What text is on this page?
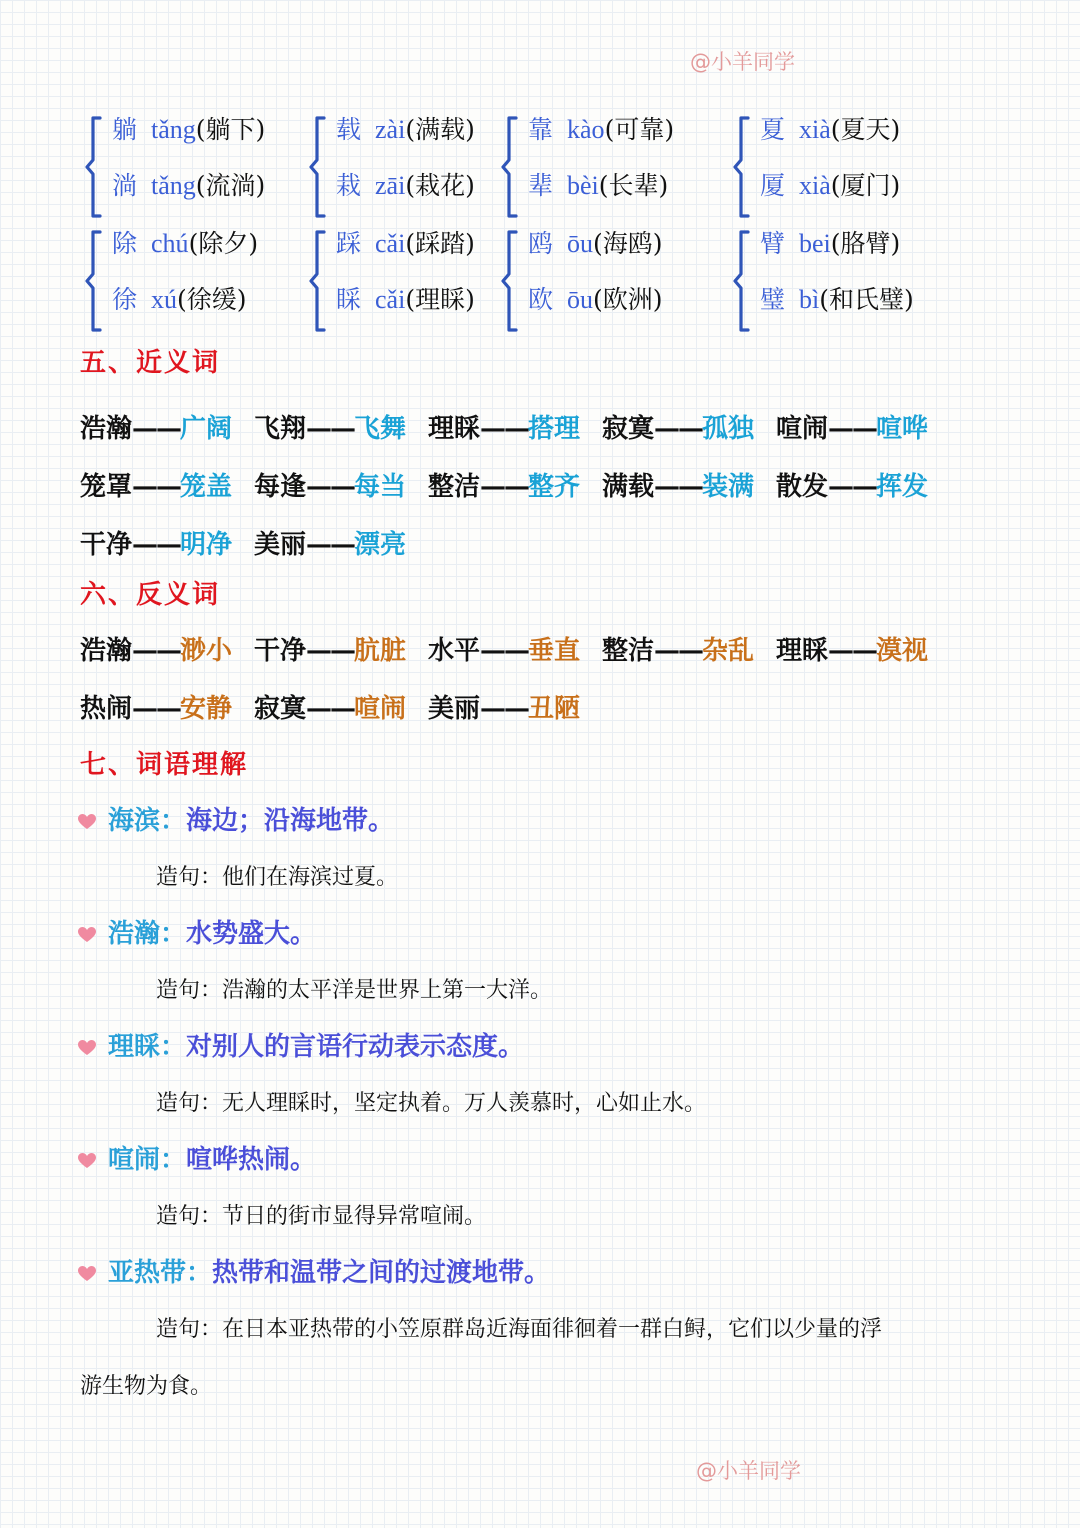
@小羊同学
躺 tǎng(躺下)
淌 tǎng(流淌)
载 zài(满载)
栽 zāi(栽花)
靠 kào(可靠)
辈 bèi(长辈)
夏 xià(夏天)
厦 xià(厦门)
除 chú(除夕)
徐 xú(徐缓)
踩 cǎi(踩踏)
睬 cǎi(理睬)
鸥 ōu(海鸥)
欧 ōu(欧洲)
臂 bei(胳臂)
璧 bì(和氏璧)
五、近义词
浩瀚——广阔 飞翔——飞舞 理睬——搭理 寂寞——孤独 喧闹——喧哗
笼罩——笼盖 每逢——每当 整洁——整齐 满载——装满 散发——挥发
干净——明净 美丽——漂亮
六、反义词
浩瀚——渺小 干净——肮脏 水平——垂直 整洁——杂乱 理睬——漠视
热闹——安静 寂寞——喧闹 美丽——丑陋
七、词语理解
海滨：海边；沿海地带。
造句：他们在海滨过夏。
浩瀚：水势盛大。
造句：浩瀚的太平洋是世界上第一大洋。
理睬：对别人的言语行动表示态度。
造句：无人理睬时，坚定执着。万人羡慕时，心如止水。
喧闹：喧哗热闹。
造句：节日的街市显得异常喧闹。
亚热带：热带和温带之间的过渡地带。
造句：在日本亚热带的小笠原群岛近海面徘徊着一群白鲟，它们以少量的浮
游生物为食。
@小羊同学
